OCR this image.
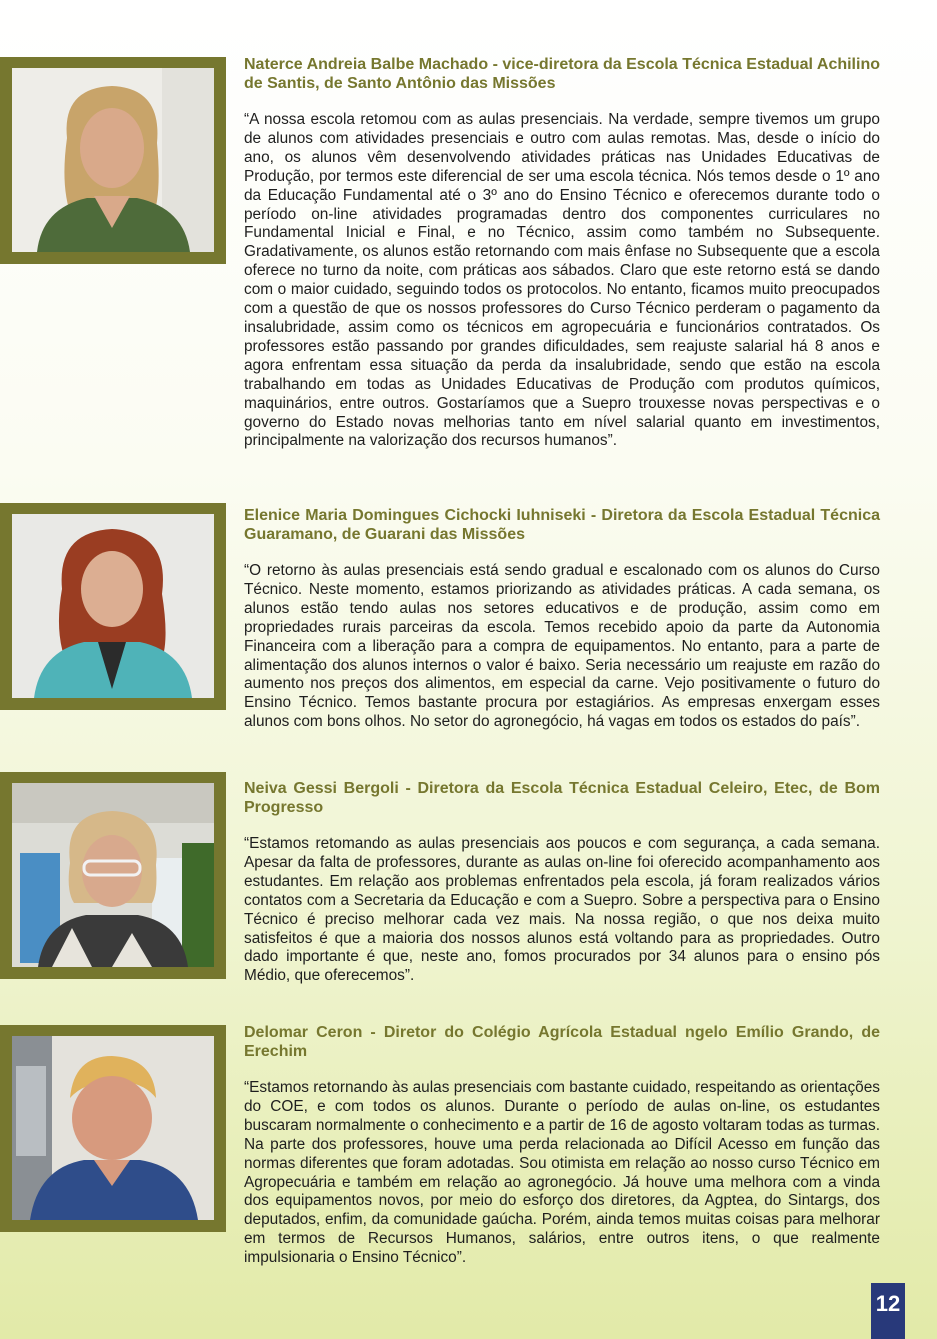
Naterce Andreia Balbe Machado - vice-diretora da Escola Técnica Estadual Achilino de Santis, de Santo Antônio das Missões

“A nossa escola retomou com as aulas presenciais. Na verdade, sempre tivemos um grupo de alunos com atividades presenciais e outro com aulas remotas. Mas, desde o início do ano, os alunos vêm desenvolvendo atividades práticas nas Unidades Educativas de Produção, por termos este diferencial de ser uma escola técnica. Nós temos desde o 1º ano da Educação Fundamental até o 3º ano do Ensino Técnico e oferecemos durante todo o período on-line atividades programadas dentro dos componentes curriculares no Fundamental Inicial e Final, e no Técnico, assim como também no Subsequente. Gradativamente, os alunos estão retornando com mais ênfase no Subsequente que a escola oferece no turno da noite, com práticas aos sábados. Claro que este retorno está se dando com o maior cuidado, seguindo todos os protocolos. No entanto, ficamos muito preocupados com a questão de que os nossos professores do Curso Técnico perderam o pagamento da insalubridade, assim como os técnicos em agropecuária e funcionários contratados. Os professores estão passando por grandes dificuldades, sem reajuste salarial há 8 anos e agora enfrentam essa situação da perda da insalubridade, sendo que estão na escola trabalhando em todas as Unidades Educativas de Produção com produtos químicos, maquinários, entre outros. Gostaríamos que a Suepro trouxesse novas perspectivas e o governo do Estado novas melhorias tanto em nível salarial quanto em investimentos, principalmente na valorização dos recursos humanos”.

Elenice Maria Domingues Cichocki Iuhniseki - Diretora da Escola Estadual Técnica Guaramano, de Guarani das Missões

“O retorno às aulas presenciais está sendo gradual e escalonado com os alunos do Curso Técnico. Neste momento, estamos priorizando as atividades práticas. A cada semana, os alunos estão tendo aulas nos setores educativos e de produção, assim como em propriedades rurais parceiras da escola. Temos recebido apoio da parte da Autonomia Financeira com a liberação para a compra de equipamentos. No entanto, para a parte de alimentação dos alunos internos o valor é baixo. Seria necessário um reajuste em razão do aumento nos preços dos alimentos, em especial da carne. Vejo positivamente o futuro do Ensino Técnico. Temos bastante procura por estagiários. As empresas enxergam esses alunos com bons olhos. No setor do agronegócio, há vagas em todos os estados do país”.

Neiva Gessi Bergoli - Diretora da Escola Técnica Estadual Celeiro, Etec, de Bom Progresso

“Estamos retomando as aulas presenciais aos poucos e com segurança, a cada semana. Apesar da falta de professores, durante as aulas on-line foi oferecido acompanhamento aos estudantes. Em relação aos problemas enfrentados pela escola, já foram realizados vários contatos com a Secretaria da Educação e com a Suepro. Sobre a perspectiva para o Ensino Técnico é preciso melhorar cada vez mais. Na nossa região, o que nos deixa muito satisfeitos é que a maioria dos nossos alunos está voltando para as propriedades. Outro dado importante é que, neste ano, fomos procurados por 34 alunos para o ensino pós Médio, que oferecemos”.

Delomar Ceron - Diretor do Colégio Agrícola Estadual ngelo Emílio Grando, de Erechim

“Estamos retornando às aulas presenciais com bastante cuidado, respeitando as orientações do COE, e com todos os alunos. Durante o período de aulas on-line, os estudantes buscaram normalmente o conhecimento e a partir de 16 de agosto voltaram todas as turmas. Na parte dos professores, houve uma perda relacionada ao Difícil Acesso em função das normas diferentes que foram adotadas. Sou otimista em relação ao nosso curso Técnico em Agropecuária e também em relação ao agronegócio. Já houve uma melhora com a vinda dos equipamentos novos, por meio do esforço dos diretores, da Agptea, do Sintargs, dos deputados, enfim, da comunidade gaúcha. Porém, ainda temos muitas coisas para melhorar em termos de Recursos Humanos, salários, entre outros itens, o que realmente impulsionaria o Ensino Técnico”.

12
